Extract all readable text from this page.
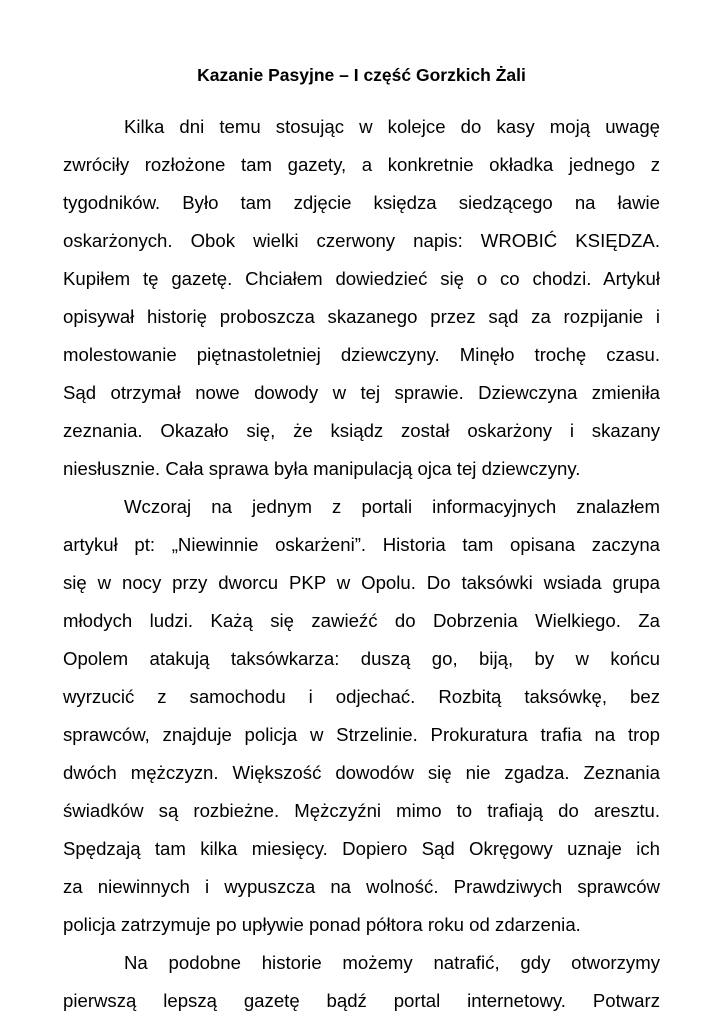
Kazanie Pasyjne – I część Gorzkich Żali
Kilka dni temu stosując w kolejce do kasy moją uwagę
zwróciły rozłożone tam gazety, a konkretnie okładka jednego z
tygodników. Było tam zdjęcie księdza siedzącego na ławie
oskarżonych. Obok wielki czerwony napis: WROBIĆ KSIĘDZA.
Kupiłem tę gazetę. Chciałem dowiedzieć się o co chodzi. Artykuł
opisywał historię proboszcza skazanego przez sąd za rozpijanie i
molestowanie piętnastoletniej dziewczyny. Minęło trochę czasu.
Sąd otrzymał nowe dowody w tej sprawie. Dziewczyna zmieniła
zeznania. Okazało się, że ksiądz został oskarżony i skazany
niesłusznie. Cała sprawa była manipulacją ojca tej dziewczyny.
Wczoraj na jednym z portali informacyjnych znalazłem
artykuł pt: „Niewinnie oskarżeni”. Historia tam opisana zaczyna
się w nocy przy dworcu PKP w Opolu. Do taksówki wsiada grupa
młodych ludzi. Każą się zawieźć do Dobrzenia Wielkiego. Za
Opolem atakują taksówkarza: duszą go, biją, by w końcu
wyrzucić z samochodu i odjechać. Rozbitą taksówkę, bez
sprawców, znajduje policja w Strzelinie. Prokuratura trafia na trop
dwóch mężczyzn. Większość dowodów się nie zgadza. Zeznania
świadków są rozbieżne. Mężczyźni mimo to trafiają do aresztu.
Spędzają tam kilka miesięcy. Dopiero Sąd Okręgowy uznaje ich
za niewinnych i wypuszcza na wolność. Prawdziwych sprawców
policja zatrzymuje po upływie ponad półtora roku od zdarzenia.
Na podobne historie możemy natrafić, gdy otworzymy
pierwszą lepszą gazetę bądź portal internetowy. Potwarz
